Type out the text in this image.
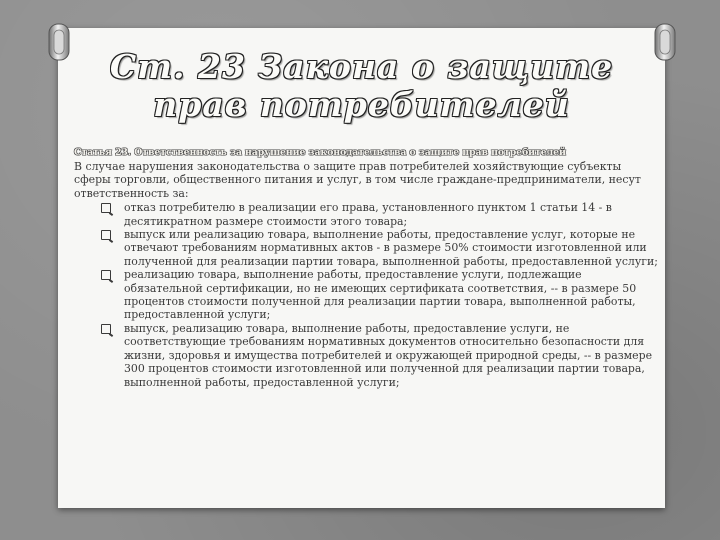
Ст. 23 Закона о защите
прав потребителей

Статья 23. Ответственность за нарушение законодательства о защите прав потребителей

В случае нарушения законодательства о защите прав потребителей хозяйствующие субъекты сферы торговли, общественного питания и услуг, в том числе граждане-предприниматели, несут ответственность за:

отказ потребителю в реализации его права, установленного пунктом 1 статьи 14 - в десятикратном размере стоимости этого товара;
выпуск или реализацию товара, выполнение работы, предоставление услуг, которые не отвечают требованиям нормативных актов - в размере 50% стоимости изготовленной или полученной для реализации партии товара, выполненной работы, предоставленной услуги;
реализацию товара, выполнение работы, предоставление услуги, подлежащие обязательной сертификации, но не имеющих сертификата соответствия, -- в размере 50 процентов стоимости полученной для реализации партии товара, выполненной работы, предоставленной услуги;
выпуск, реализацию товара, выполнение работы, предоставление услуги, не соответствующие требованиям нормативных документов относительно безопасности для жизни, здоровья и имущества потребителей и окружающей природной среды, -- в размере 300 процентов стоимости изготовленной или полученной для реализации партии товара, выполненной работы, предоставленной услуги;
